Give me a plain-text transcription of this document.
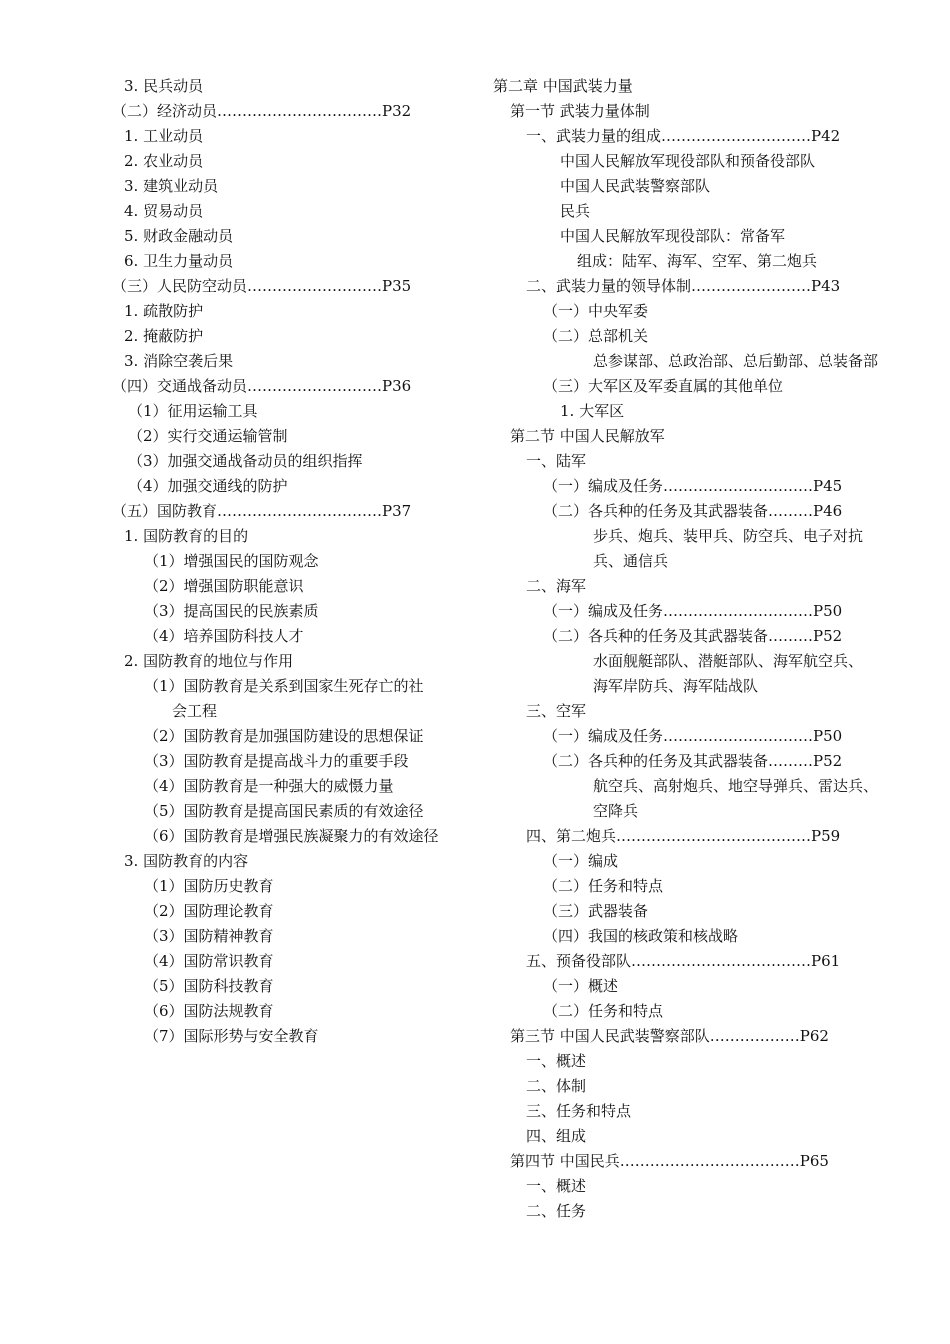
3. 民兵动员
（二）经济动员……………………………P32
1. 工业动员
2. 农业动员
3. 建筑业动员
4. 贸易动员
5. 财政金融动员
6. 卫生力量动员
（三）人民防空动员………………………P35
1. 疏散防护
2. 掩蔽防护
3. 消除空袭后果
（四）交通战备动员………………………P36
（1）征用运输工具
（2）实行交通运输管制
（3）加强交通战备动员的组织指挥
（4）加强交通线的防护
（五）国防教育……………………………P37
1. 国防教育的目的
（1）增强国民的国防观念
（2）增强国防职能意识
（3）提高国民的民族素质
（4）培养国防科技人才
2. 国防教育的地位与作用
（1）国防教育是关系到国家生死存亡的社
会工程
（2）国防教育是加强国防建设的思想保证
（3）国防教育是提高战斗力的重要手段
（4）国防教育是一种强大的威慑力量
（5）国防教育是提高国民素质的有效途径
（6）国防教育是增强民族凝聚力的有效途径
3. 国防教育的内容
（1）国防历史教育
（2）国防理论教育
（3）国防精神教育
（4）国防常识教育
（5）国防科技教育
（6）国防法规教育
（7）国际形势与安全教育
第二章 中国武装力量
第一节 武装力量体制
一、武装力量的组成…………………………P42
中国人民解放军现役部队和预备役部队
中国人民武装警察部队
民兵
中国人民解放军现役部队：常备军
组成：陆军、海军、空军、第二炮兵
二、武装力量的领导体制……………………P43
（一）中央军委
（二）总部机关
总参谋部、总政治部、总后勤部、总装备部
（三）大军区及军委直属的其他单位
1. 大军区
第二节 中国人民解放军
一、陆军
（一）编成及任务…………………………P45
（二）各兵种的任务及其武器装备………P46
步兵、炮兵、装甲兵、防空兵、电子对抗
兵、通信兵
二、海军
（一）编成及任务…………………………P50
（二）各兵种的任务及其武器装备………P52
水面舰艇部队、潜艇部队、海军航空兵、
海军岸防兵、海军陆战队
三、空军
（一）编成及任务…………………………P50
（二）各兵种的任务及其武器装备………P52
航空兵、高射炮兵、地空导弹兵、雷达兵、
空降兵
四、第二炮兵…………………………………P59
（一）编成
（二）任务和特点
（三）武器装备
（四）我国的核政策和核战略
五、预备役部队………………………………P61
（一）概述
（二）任务和特点
第三节 中国人民武装警察部队………………P62
一、概述
二、体制
三、任务和特点
四、组成
第四节 中国民兵………………………………P65
一、概述
二、任务
